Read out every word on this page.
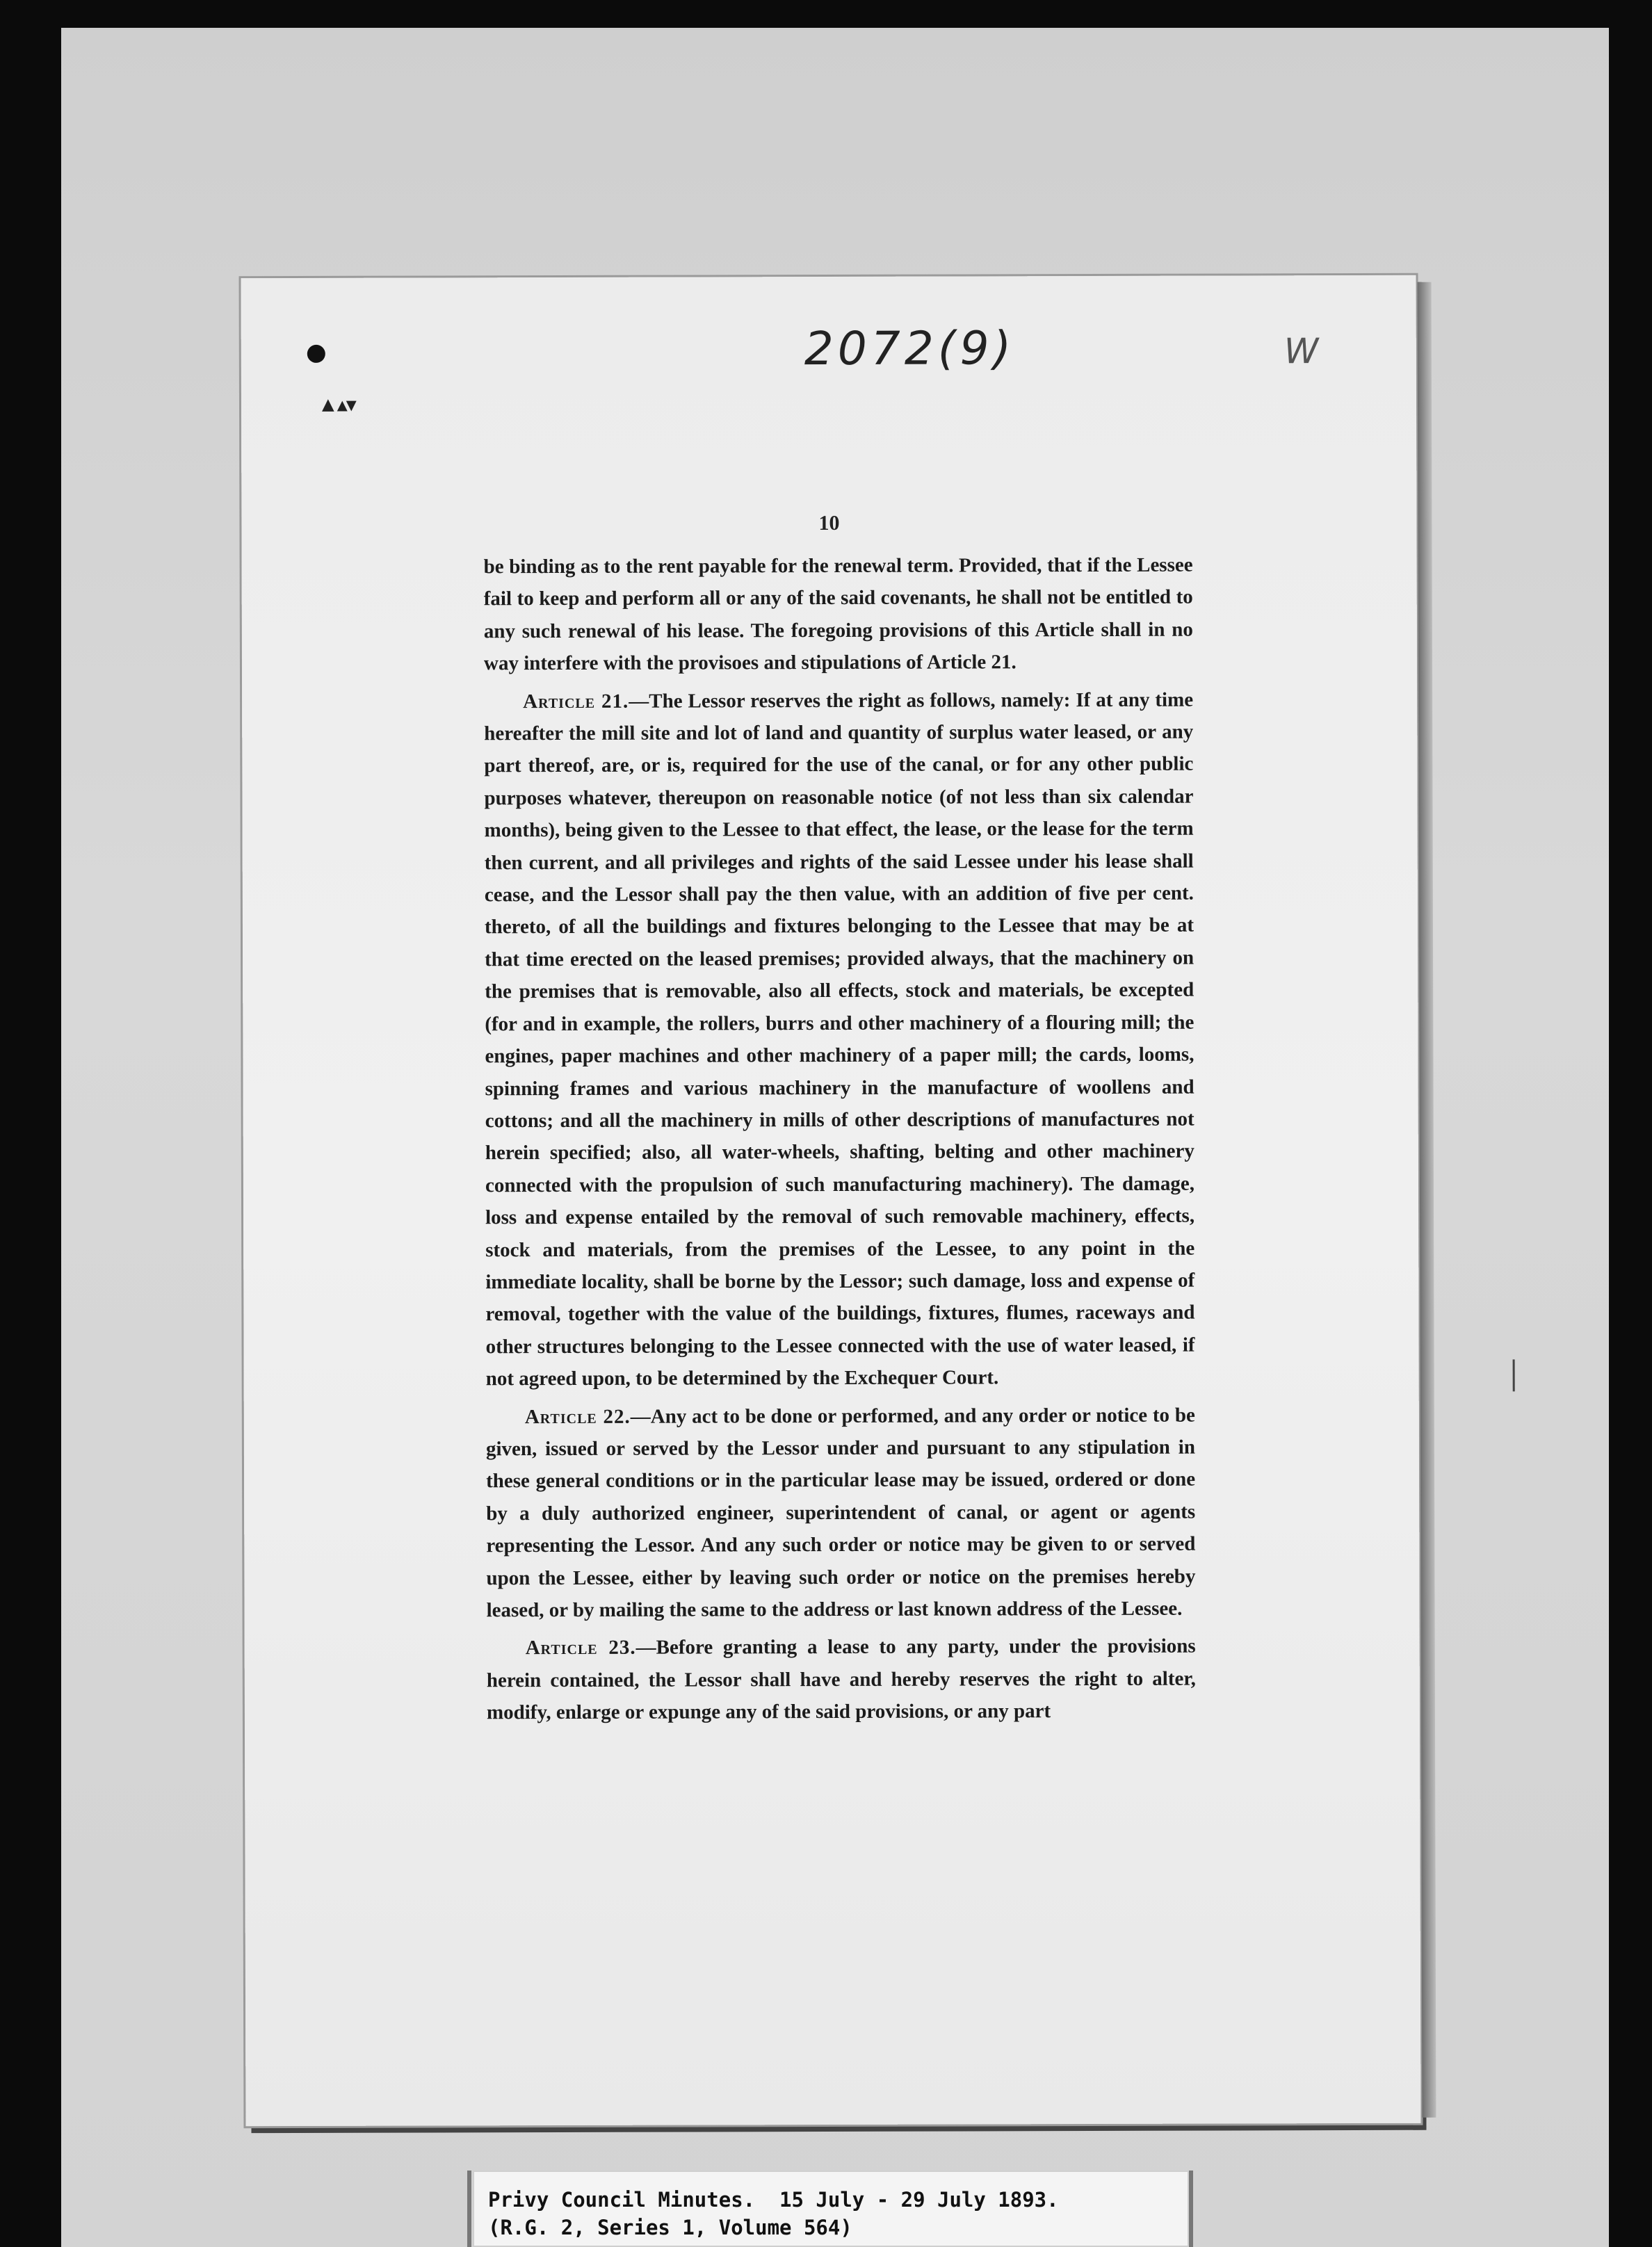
▲▴▾
2072(9)	W
10

be binding as to the rent payable for the renewal term. Provided, that if the Lessee fail to keep and perform all or any of the said covenants, he shall not be entitled to any such renewal of his lease. The foregoing provisions of this Article shall in no way interfere with the provisoes and stipulations of Article 21.

Article 21.—The Lessor reserves the right as follows, namely: If at any time hereafter the mill site and lot of land and quantity of surplus water leased, or any part thereof, are, or is, required for the use of the canal, or for any other public purposes whatever, thereupon on reasonable notice (of not less than six calendar months), being given to the Lessee to that effect, the lease, or the lease for the term then current, and all privileges and rights of the said Lessee under his lease shall cease, and the Lessor shall pay the then value, with an addition of five per cent. thereto, of all the buildings and fixtures belonging to the Lessee that may be at that time erected on the leased premises; provided always, that the machinery on the premises that is removable, also all effects, stock and materials, be excepted (for and in example, the rollers, burrs and other machinery of a flouring mill; the engines, paper machines and other machinery of a paper mill; the cards, looms, spinning frames and various machinery in the manufacture of woollens and cottons; and all the machinery in mills of other descriptions of manufactures not herein specified; also, all water-wheels, shafting, belting and other machinery connected with the propulsion of such manufacturing machinery). The damage, loss and expense entailed by the removal of such removable machinery, effects, stock and materials, from the premises of the Lessee, to any point in the immediate locality, shall be borne by the Lessor; such damage, loss and expense of removal, together with the value of the buildings, fixtures, flumes, raceways and other structures belonging to the Lessee connected with the use of water leased, if not agreed upon, to be determined by the Exchequer Court.

Article 22.—Any act to be done or performed, and any order or notice to be given, issued or served by the Lessor under and pursuant to any stipulation in these general conditions or in the particular lease may be issued, ordered or done by a duly authorized engineer, superintendent of canal, or agent or agents representing the Lessor. And any such order or notice may be given to or served upon the Lessee, either by leaving such order or notice on the premises hereby leased, or by mailing the same to the address or last known address of the Lessee.

Article 23.—Before granting a lease to any party, under the provisions herein contained, the Lessor shall have and hereby reserves the right to alter, modify, enlarge or expunge any of the said provisions, or any part

Privy Council Minutes.  15 July - 29 July 1893.
(R.G. 2, Series 1, Volume 564)
